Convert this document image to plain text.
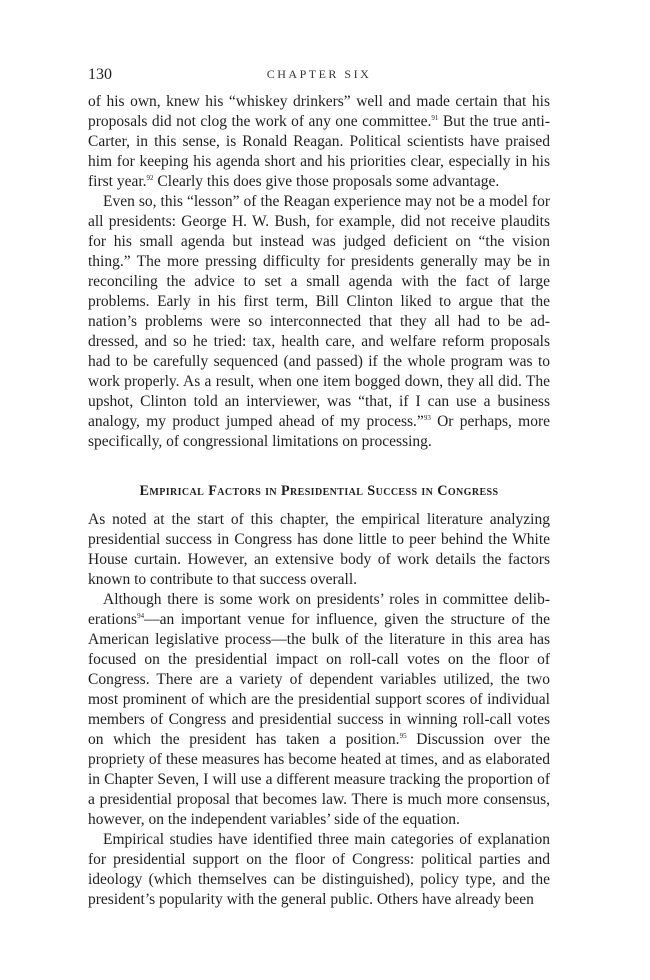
130	CHAPTER SIX

of his own, knew his “whiskey drinkers” well and made certain that his proposals did not clog the work of any one committee.$^{91}$ But the true anti-Carter, in this sense, is Ronald Reagan. Political scientists have praised him for keeping his agenda short and his priorities clear, especially in his first year.$^{92}$ Clearly this does give those proposals some advantage.

Even so, this “lesson” of the Reagan experience may not be a model for all presidents: George H. W. Bush, for example, did not receive plaudits for his small agenda but instead was judged deficient on “the vision thing.” The more pressing difficulty for presidents generally may be in reconciling the advice to set a small agenda with the fact of large problems. Early in his first term, Bill Clinton liked to argue that the nation’s problems were so interconnected that they all had to be addressed, and so he tried: tax, health care, and welfare reform proposals had to be carefully sequenced (and passed) if the whole program was to work properly. As a result, when one item bogged down, they all did. The upshot, Clinton told an interviewer, was “that, if I can use a business analogy, my product jumped ahead of my process.”$^{93}$ Or perhaps, more specifically, of congressional limitations on processing.

Empirical Factors in Presidential Success in Congress

As noted at the start of this chapter, the empirical literature analyzing presidential success in Congress has done little to peer behind the White House curtain. However, an extensive body of work details the factors known to contribute to that success overall.

Although there is some work on presidents’ roles in committee deliberations$^{94}$—an important venue for influence, given the structure of the American legislative process—the bulk of the literature in this area has focused on the presidential impact on roll-call votes on the floor of Congress. There are a variety of dependent variables utilized, the two most prominent of which are the presidential support scores of individual members of Congress and presidential success in winning roll-call votes on which the president has taken a position.$^{95}$ Discussion over the propriety of these measures has become heated at times, and as elaborated in Chapter Seven, I will use a different measure tracking the proportion of a presidential proposal that becomes law. There is much more consensus, however, on the independent variables’ side of the equation.

Empirical studies have identified three main categories of explanation for presidential support on the floor of Congress: political parties and ideology (which themselves can be distinguished), policy type, and the president’s popularity with the general public. Others have already been
